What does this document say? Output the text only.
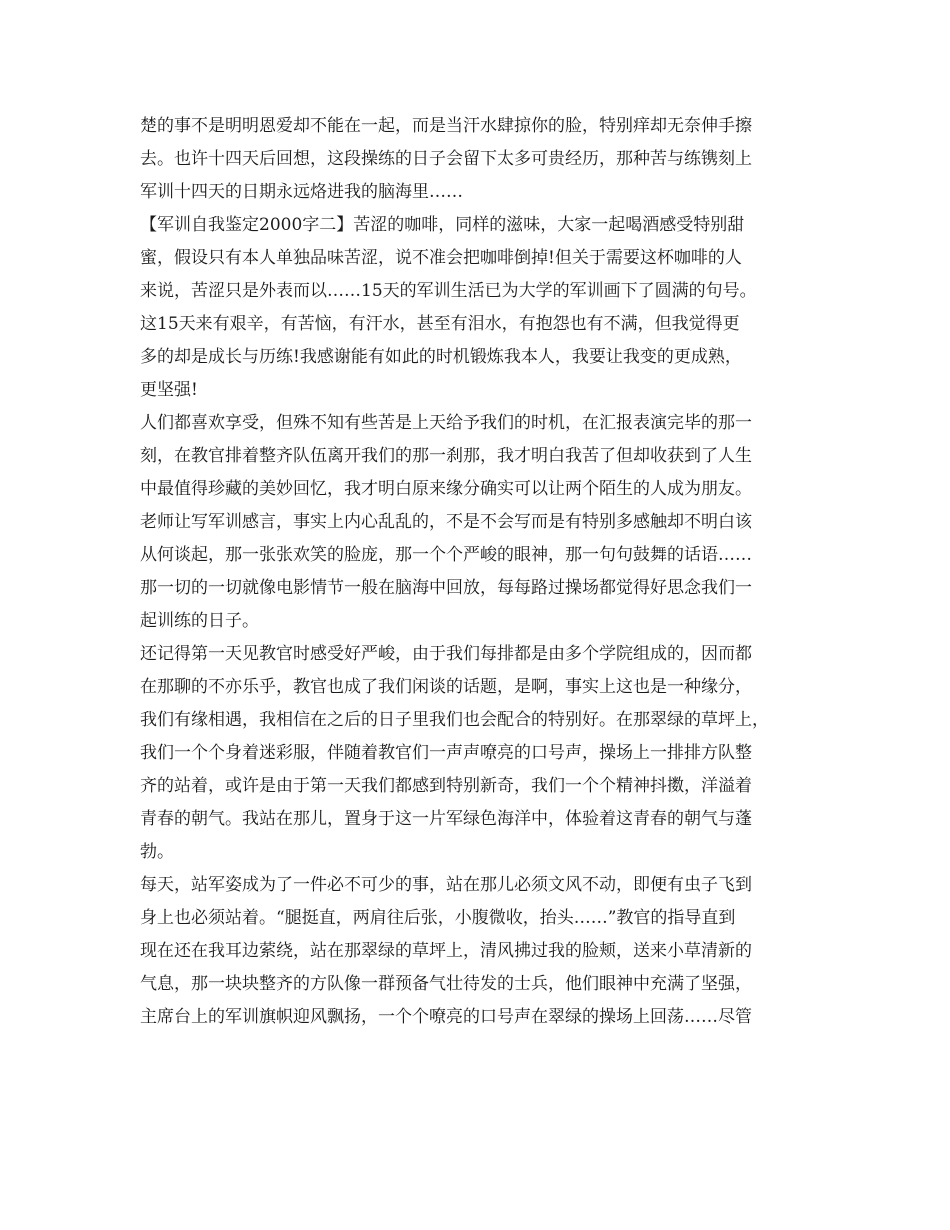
楚的事不是明明恩爱却不能在一起，而是当汗水肆掠你的脸，特别痒却无奈伸手擦
去。也许十四天后回想，这段操练的日子会留下太多可贵经历，那种苦与练镌刻上
军训十四天的日期永远烙进我的脑海里……
【军训自我鉴定2000字二】苦涩的咖啡，同样的滋味，大家一起喝酒感受特别甜
蜜，假设只有本人单独品味苦涩，说不准会把咖啡倒掉!但关于需要这杯咖啡的人
来说，苦涩只是外表而以……15天的军训生活已为大学的军训画下了圆满的句号。
这15天来有艰辛，有苦恼，有汗水，甚至有泪水，有抱怨也有不满，但我觉得更
多的却是成长与历练!我感谢能有如此的时机锻炼我本人，我要让我变的更成熟，
更坚强!
人们都喜欢享受，但殊不知有些苦是上天给予我们的时机，在汇报表演完毕的那一
刻，在教官排着整齐队伍离开我们的那一刹那，我才明白我苦了但却收获到了人生
中最值得珍藏的美妙回忆，我才明白原来缘分确实可以让两个陌生的人成为朋友。
老师让写军训感言，事实上内心乱乱的，不是不会写而是有特别多感触却不明白该
从何谈起，那一张张欢笑的脸庞，那一个个严峻的眼神，那一句句鼓舞的话语……
那一切的一切就像电影情节一般在脑海中回放，每每路过操场都觉得好思念我们一
起训练的日子。
还记得第一天见教官时感受好严峻，由于我们每排都是由多个学院组成的，因而都
在那聊的不亦乐乎，教官也成了我们闲谈的话题，是啊，事实上这也是一种缘分，
我们有缘相遇，我相信在之后的日子里我们也会配合的特别好。在那翠绿的草坪上，
我们一个个身着迷彩服，伴随着教官们一声声嘹亮的口号声，操场上一排排方队整
齐的站着，或许是由于第一天我们都感到特别新奇，我们一个个精神抖擞，洋溢着
青春的朝气。我站在那儿，置身于这一片军绿色海洋中，体验着这青春的朝气与蓬
勃。
每天，站军姿成为了一件必不可少的事，站在那儿必须文风不动，即便有虫子飞到
身上也必须站着。“腿挺直，两肩往后张，小腹微收，抬头……”教官的指导直到
现在还在我耳边萦绕，站在那翠绿的草坪上，清风拂过我的脸颊，送来小草清新的
气息，那一块块整齐的方队像一群预备气壮待发的士兵，他们眼神中充满了坚强，
主席台上的军训旗帜迎风飘扬，一个个嘹亮的口号声在翠绿的操场上回荡……尽管
